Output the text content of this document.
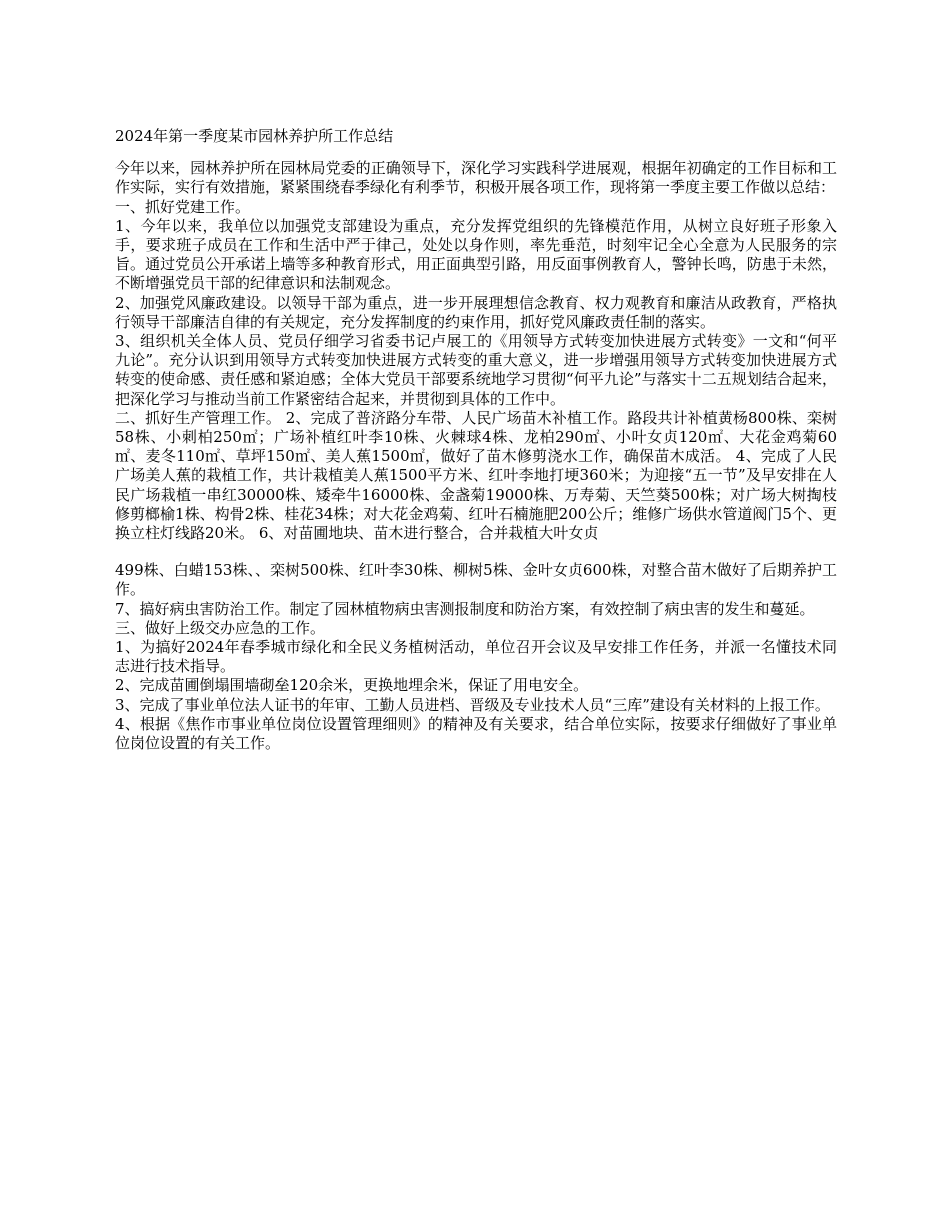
2024年第一季度某市园林养护所工作总结

今年以来，园林养护所在园林局党委的正确领导下，深化学习实践科学进展观，根据年初确定的工作目标和工作实际，实行有效措施，紧紧围绕春季绿化有利季节，积极开展各项工作，现将第一季度主要工作做以总结：

一、抓好党建工作。

1、今年以来，我单位以加强党支部建设为重点，充分发挥党组织的先锋模范作用，从树立良好班子形象入手，要求班子成员在工作和生活中严于律己，处处以身作则，率先垂范，时刻牢记全心全意为人民服务的宗旨。通过党员公开承诺上墙等多种教育形式，用正面典型引路，用反面事例教育人，警钟长鸣，防患于未然，不断增强党员干部的纪律意识和法制观念。

2、加强党风廉政建设。以领导干部为重点，进一步开展理想信念教育、权力观教育和廉洁从政教育，严格执行领导干部廉洁自律的有关规定，充分发挥制度的约束作用，抓好党风廉政责任制的落实。

3、组织机关全体人员、党员仔细学习省委书记卢展工的《用领导方式转变加快进展方式转变》一文和“何平九论”。充分认识到用领导方式转变加快进展方式转变的重大意义，进一步增强用领导方式转变加快进展方式转变的使命感、责任感和紧迫感；全体大党员干部要系统地学习贯彻“何平九论”与落实十二五规划结合起来，把深化学习与推动当前工作紧密结合起来，并贯彻到具体的工作中。

二、抓好生产管理工作。 2、完成了普济路分车带、人民广场苗木补植工作。路段共计补植黄杨800株、栾树58株、小刺柏250㎡；广场补植红叶李10株、火棘球4株、龙柏290㎡、小叶女贞120㎡、大花金鸡菊60㎡、麦冬110㎡、草坪150㎡、美人蕉1500㎡，做好了苗木修剪浇水工作，确保苗木成活。 4、完成了人民广场美人蕉的栽植工作，共计栽植美人蕉1500平方米、红叶李地打埂360米；为迎接“五一节”及早安排在人民广场栽植一串红30000株、矮牵牛16000株、金盏菊19000株、万寿菊、天竺葵500株；对广场大树掏枝修剪榔榆1株、构骨2株、桂花34株；对大花金鸡菊、红叶石楠施肥200公斤；维修广场供水管道阀门5个、更换立柱灯线路20米。 6、对苗圃地块、苗木进行整合，合并栽植大叶女贞

499株、白蜡153株、、栾树500株、红叶李30株、柳树5株、金叶女贞600株，对整合苗木做好了后期养护工作。

7、搞好病虫害防治工作。制定了园林植物病虫害测报制度和防治方案，有效控制了病虫害的发生和蔓延。

三、做好上级交办应急的工作。

1、为搞好2024年春季城市绿化和全民义务植树活动，单位召开会议及早安排工作任务，并派一名懂技术同志进行技术指导。

2、完成苗圃倒塌围墙砌垒120余米，更换地埋余米，保证了用电安全。

3、完成了事业单位法人证书的年审、工勤人员进档、晋级及专业技术人员“三库”建设有关材料的上报工作。

4、根据《焦作市事业单位岗位设置管理细则》的精神及有关要求，结合单位实际，按要求仔细做好了事业单位岗位设置的有关工作。
